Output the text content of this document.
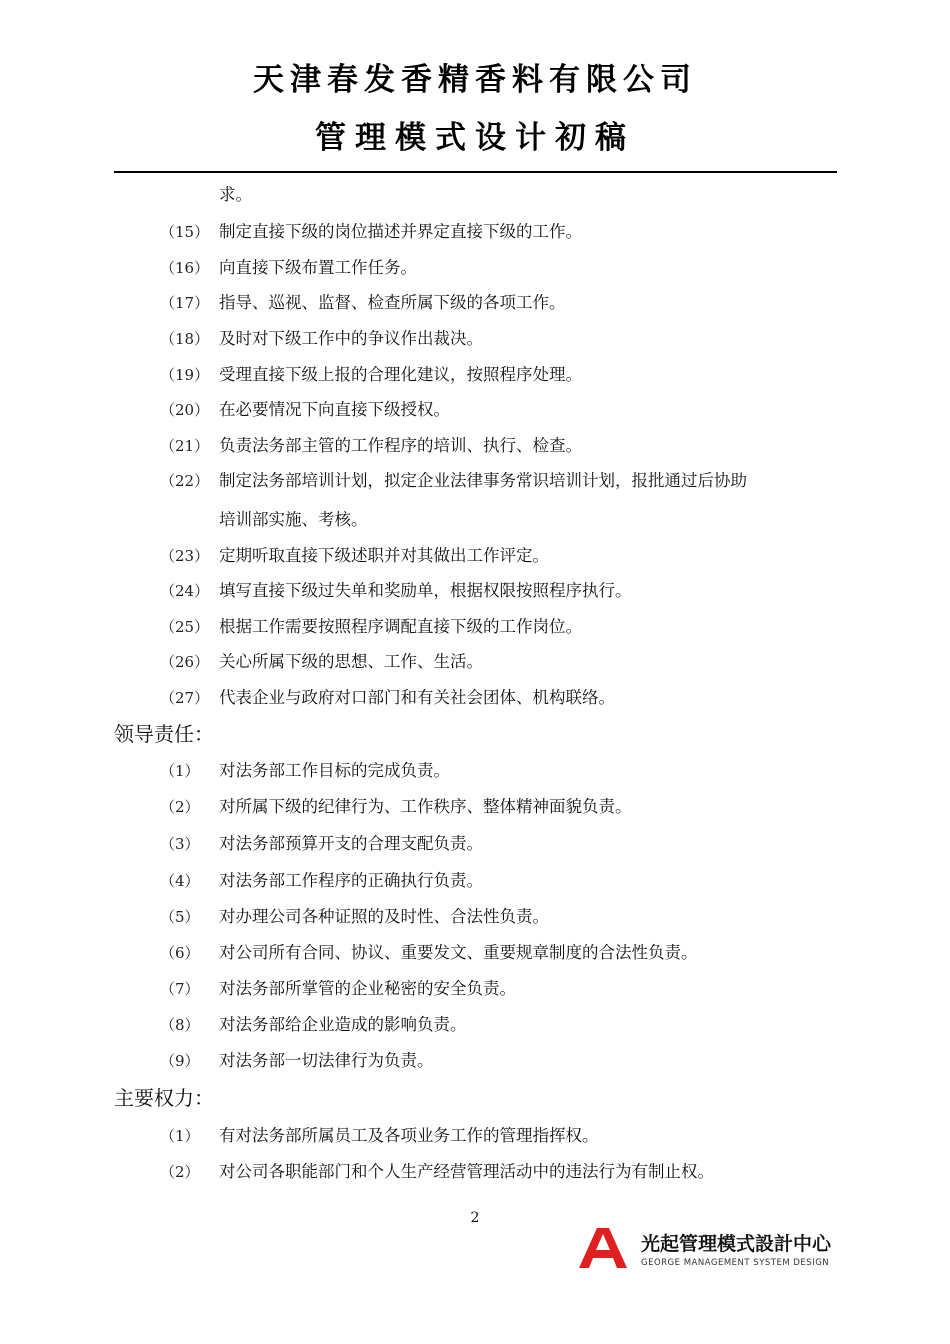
天津春发香精香料有限公司
管理模式设计初稿
求。
（15） 制定直接下级的岗位描述并界定直接下级的工作。
（16） 向直接下级布置工作任务。
（17） 指导、巡视、监督、检查所属下级的各项工作。
（18） 及时对下级工作中的争议作出裁决。
（19） 受理直接下级上报的合理化建议，按照程序处理。
（20） 在必要情况下向直接下级授权。
（21） 负责法务部主管的工作程序的培训、执行、检查。
（22） 制定法务部培训计划，拟定企业法律事务常识培训计划，报批通过后协助
培训部实施、考核。
（23） 定期听取直接下级述职并对其做出工作评定。
（24） 填写直接下级过失单和奖励单，根据权限按照程序执行。
（25） 根据工作需要按照程序调配直接下级的工作岗位。
（26） 关心所属下级的思想、工作、生活。
（27） 代表企业与政府对口部门和有关社会团体、机构联络。
领导责任：
（1） 对法务部工作目标的完成负责。
（2） 对所属下级的纪律行为、工作秩序、整体精神面貌负责。
（3） 对法务部预算开支的合理支配负责。
（4） 对法务部工作程序的正确执行负责。
（5） 对办理公司各种证照的及时性、合法性负责。
（6） 对公司所有合同、协议、重要发文、重要规章制度的合法性负责。
（7） 对法务部所掌管的企业秘密的安全负责。
（8） 对法务部给企业造成的影响负责。
（9） 对法务部一切法律行为负责。
主要权力：
（1） 有对法务部所属员工及各项业务工作的管理指挥权。
（2） 对公司各职能部门和个人生产经营管理活动中的违法行为有制止权。
2
光起管理模式設計中心
GEORGE MANAGEMENT SYSTEM DESIGN
